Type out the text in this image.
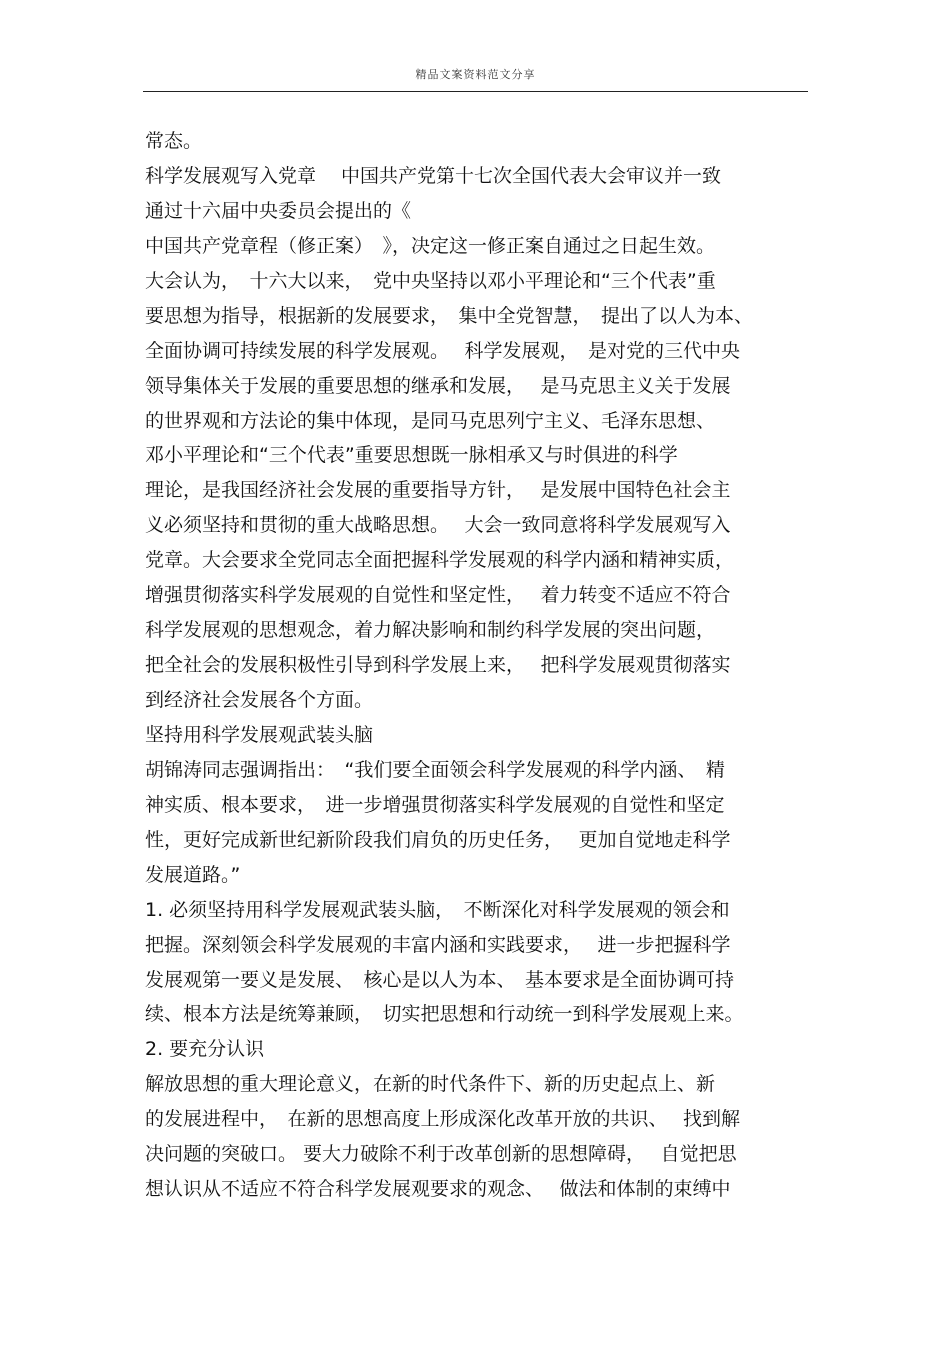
精品文案资料范文分享
常态。
科学发展观写入党章　 中国共产党第十七次全国代表大会审议并一致
通过十六届中央委员会提出的《
中国共产党章程（修正案）　》，决定这一修正案自通过之日起生效。
大会认为，　十六大以来，　党中央坚持以邓小平理论和“三个代表”重
要思想为指导，根据新的发展要求，　集中全党智慧，　提出了以人为本、
全面协调可持续发展的科学发展观。　 科学发展观，　是对党的三代中央
领导集体关于发展的重要思想的继承和发展，　 是马克思主义关于发展
的世界观和方法论的集中体现，是同马克思列宁主义、毛泽东思想、
邓小平理论和“三个代表”重要思想既一脉相承又与时俱进的科学
理论，是我国经济社会发展的重要指导方针，　 是发展中国特色社会主
义必须坚持和贯彻的重大战略思想。　 大会一致同意将科学发展观写入
党章。大会要求全党同志全面把握科学发展观的科学内涵和精神实质，
增强贯彻落实科学发展观的自觉性和坚定性，　 着力转变不适应不符合
科学发展观的思想观念，着力解决影响和制约科学发展的突出问题，
把全社会的发展积极性引导到科学发展上来，　 把科学发展观贯彻落实
到经济社会发展各个方面。
坚持用科学发展观武装头脑
胡锦涛同志强调指出：　“我们要全面领会科学发展观的科学内涵、　精
神实质、根本要求，　进一步增强贯彻落实科学发展观的自觉性和坚定
性，更好完成新世纪新阶段我们肩负的历史任务，　 更加自觉地走科学
发展道路。”
1. 必须坚持用科学发展观武装头脑，　不断深化对科学发展观的领会和
把握。深刻领会科学发展观的丰富内涵和实践要求，　 进一步把握科学
发展观第一要义是发展、　核心是以人为本、　基本要求是全面协调可持
续、根本方法是统筹兼顾，　切实把思想和行动统一到科学发展观上来。
2. 要充分认识
解放思想的重大理论意义，在新的时代条件下、新的历史起点上、新
的发展进程中，　在新的思想高度上形成深化改革开放的共识、　 找到解
决问题的突破口。 要大力破除不利于改革创新的思想障碍，　 自觉把思
想认识从不适应不符合科学发展观要求的观念、　 做法和体制的束缚中
